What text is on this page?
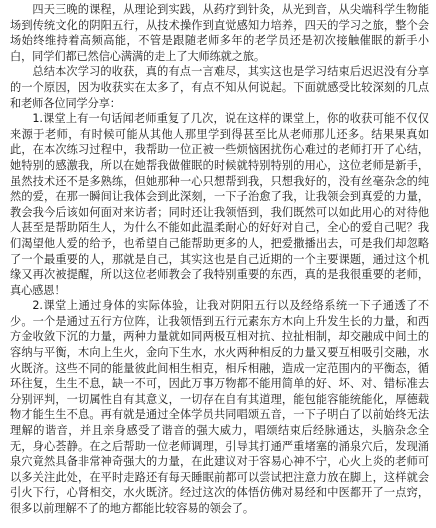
四天三晚的课程，从理论到实践，从药疗到针灸，从光到音，从尖端科学生物能场到传统文化的阴阳五行，从技术操作到直觉感知力培养，四天的学习之旅，整个会场始终维持着高频高能，不管是跟随老师多年的老学员还是初次接触催眠的新手小白，同学们都已然信心满满的走上了大师练就之旅。

总结本次学习的收获，真的有点一言难尽，其实这也是学习结束后迟迟没有分享的一个原因，因为收获实在太多了，有点不知从何说起。下面就感受比较深刻的几点和老师各位同学分享：

1.课堂上有一句话闻老师重复了几次，说在这样的课堂上，你的收获可能不仅仅来源于老师，有时候可能从其他人那里学到得甚至比从老师那儿还多。结果果真如此，在本次练习过程中，我帮助一位正被一些烦恼困扰伤心难过的老师打开了心结，她特别的感激我，所以在她帮我做催眠的时候就特别特别的用心，这位老师是新手，虽然技术还不是多熟练，但她那种一心只想帮到我，只想我好的，没有丝毫杂念的纯然的爱，在那一瞬间让我体会到此深刻，一下子治愈了我，让我领会到真爱的力量，教会我今后该如何面对来访者；同时还让我领悟到，我们既然可以如此用心的对待他人甚至是帮助陌生人，为什么不能如此温柔耐心的好好对自己，全心的爱自己呢？我们渴望他人爱的给予，也希望自己能帮助更多的人，把爱撒播出去，可是我们却忽略了一个最重要的人，那就是自己，其实这也是自己近期的一个主要课题，通过这个机缘又再次被提醒，所以这位老师教会了我特别重要的东西，真的是我很重要的老师，真心感恩！

2.课堂上通过身体的实际体验，让我对阴阳五行以及经络系统一下子通透了不少。一个是通过五行方位阵，让我领悟到五行元素东方木向上升发生长的力量，和西方金收敛下沉的力量，两种力量就如同两极互相对抗、拉扯相制，却交融成中间土的容纳与平衡，木向上生火，金向下生水，水火两种相反的力量又要互相吸引交融，水火既济。这些不同的能量彼此间相生相克，相斥相融，造成一定范围内的平衡态，循环往复，生生不息，缺一不可，因此万事万物都不能用简单的好、坏、对、错标准去分别评判，一切属性自有其意义，一切存在自有其道理，能包能容能统能化，厚德载物才能生生不息。再有就是通过全体学员共同唱颂五音，一下子明白了以前始终无法理解的谐音，并且亲身感受了谐音的强大威力，唱颂结束后经脉通达，头脑杂念全无，身心荟静。在之后帮助一位老师调理，引导其打通严重堵塞的涌泉穴后，发现涌泉穴竟然具备非常神奇强大的力量，在此建议对于容易心神不宁，心火上炎的老师可以多关注此处，在平时走路还有每天睡眠前都可以尝试把注意力放在脚上，这样就会引火下行，心肾相交，水火既济。经过这次的体悟仿佛对易经和中医都开了一点窍，很多以前理解不了的地方都能比较容易的领会了。
